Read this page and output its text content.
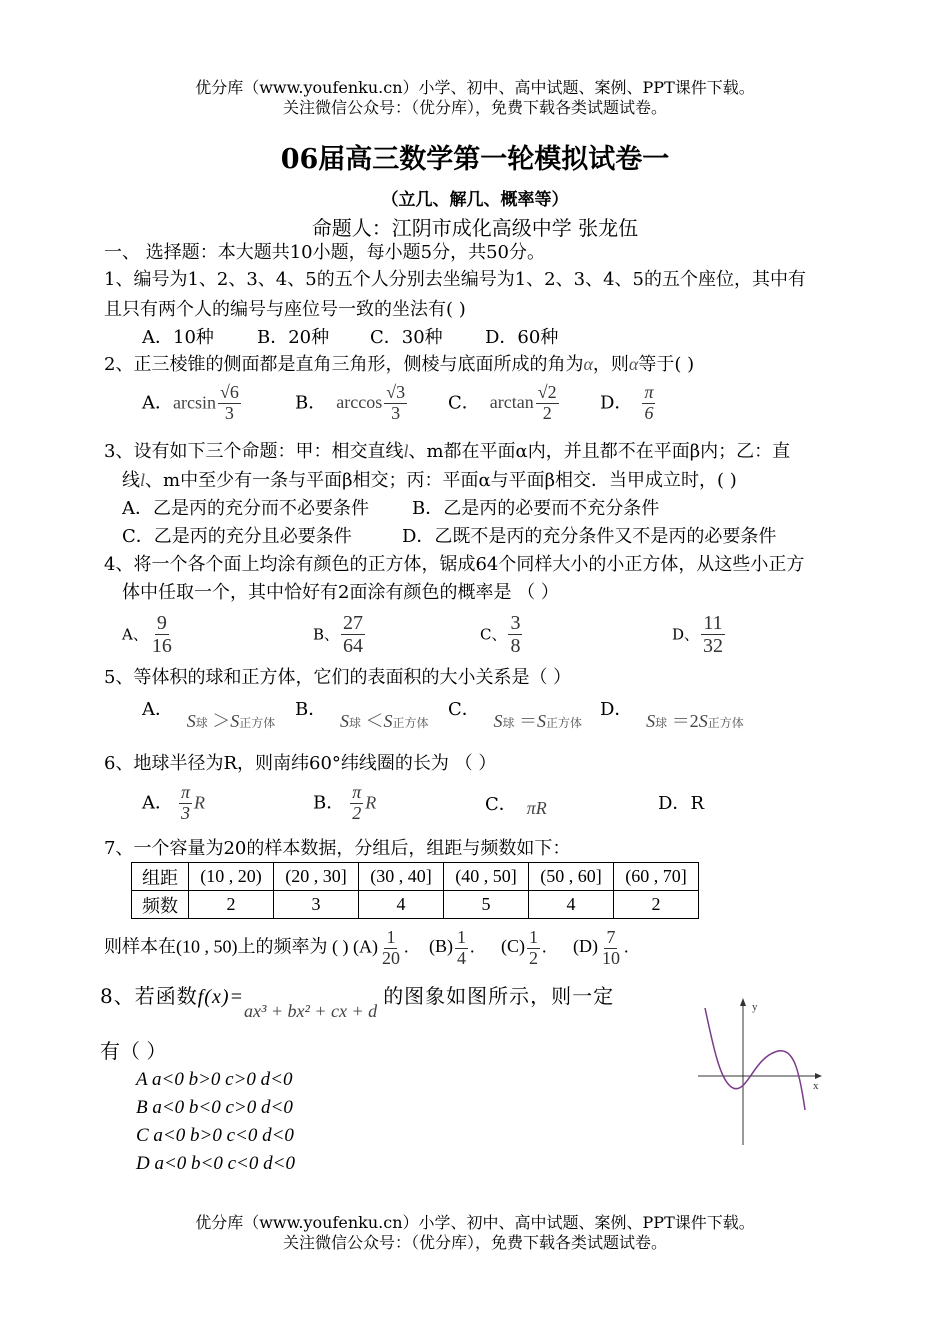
优分库（www.youfenku.cn）小学、初中、高中试题、案例、PPT课件下载。
关注微信公众号：（优分库），免费下载各类试题试卷。
06届高三数学第一轮模拟试卷一
（立几、解几、概率等）
命题人：江阴市成化高级中学 张龙伍
一、 选择题：本大题共10小题，每小题5分，共50分。
1、编号为1、2、3、4、5的五个人分别去坐编号为1、2、3、4、5的五个座位，其中有
且只有两个人的编号与座位号一致的坐法有( )
A．10种 B．20种 C．30种 D．60种
2、正三棱锥的侧面都是直角三角形，侧棱与底面所成的角为α，则α等于( )
A．$\arcsin \frac{√6}{3}$	B． $\arccos \frac{√3}{3}$ C． $\arctan \frac{√2}{2}$ D． $\frac{\pi}{6}$
3、设有如下三个命题：甲：相交直线l、m都在平面α内，并且都不在平面β内；乙：直
线l、m中至少有一条与平面β相交；丙：平面α与平面β相交．当甲成立时，( )
A．乙是丙的充分而不必要条件 B．乙是丙的必要而不充分条件
C．乙是丙的充分且必要条件	D．乙既不是丙的充分条件又不是丙的必要条件
4、将一个各个面上均涂有颜色的正方体，锯成64个同样大小的小正方体，从这些小正方
体中任取一个，其中恰好有2面涂有颜色的概率是 （ ）
A、 $\frac{9}{16}$	B、 $\frac{27}{64}$	C、 $\frac{3}{8}$	D、 $\frac{11}{32}$
5、等体积的球和正方体，它们的表面积的大小关系是（ ）
A． S球 ＞S正方体
B． S球 ＜S正方体
C． S球 ＝S正方体
D． S球 ＝2S正方体
6、地球半径为R，则南纬60°纬线圈的长为 （ ）
A． $\frac{\pi}{3}$ R	B． $\frac{\pi}{2}$ R	C． πR	D．R
7、一个容量为20的样本数据，分组后，组距与频数如下：
组距	(10 , 20)	(20 , 30]	(30 , 40]	(40 , 50]	(50 , 60]	(60 , 70]
频数	2	3	4	5	4	2
则样本在(10 , 50)上的频率为 ( ) $(A) \frac{1}{20}$ . $(B) \frac{1}{4}$ . $(C) \frac{1}{2}$ . $(D) \frac{7}{10}$ .
8、若函数f(x)=ax³ + bx² + cx + d的图象如图所示，则一定
有（ ）
A a<0 b>0 c>0 d<0
B a<0 b<0 c>0 d<0
C a<0 b>0 c<0 d<0
D a<0 b<0 c<0 d<0
y
x
优分库（www.youfenku.cn）小学、初中、高中试题、案例、PPT课件下载。
关注微信公众号：（优分库），免费下载各类试题试卷。
